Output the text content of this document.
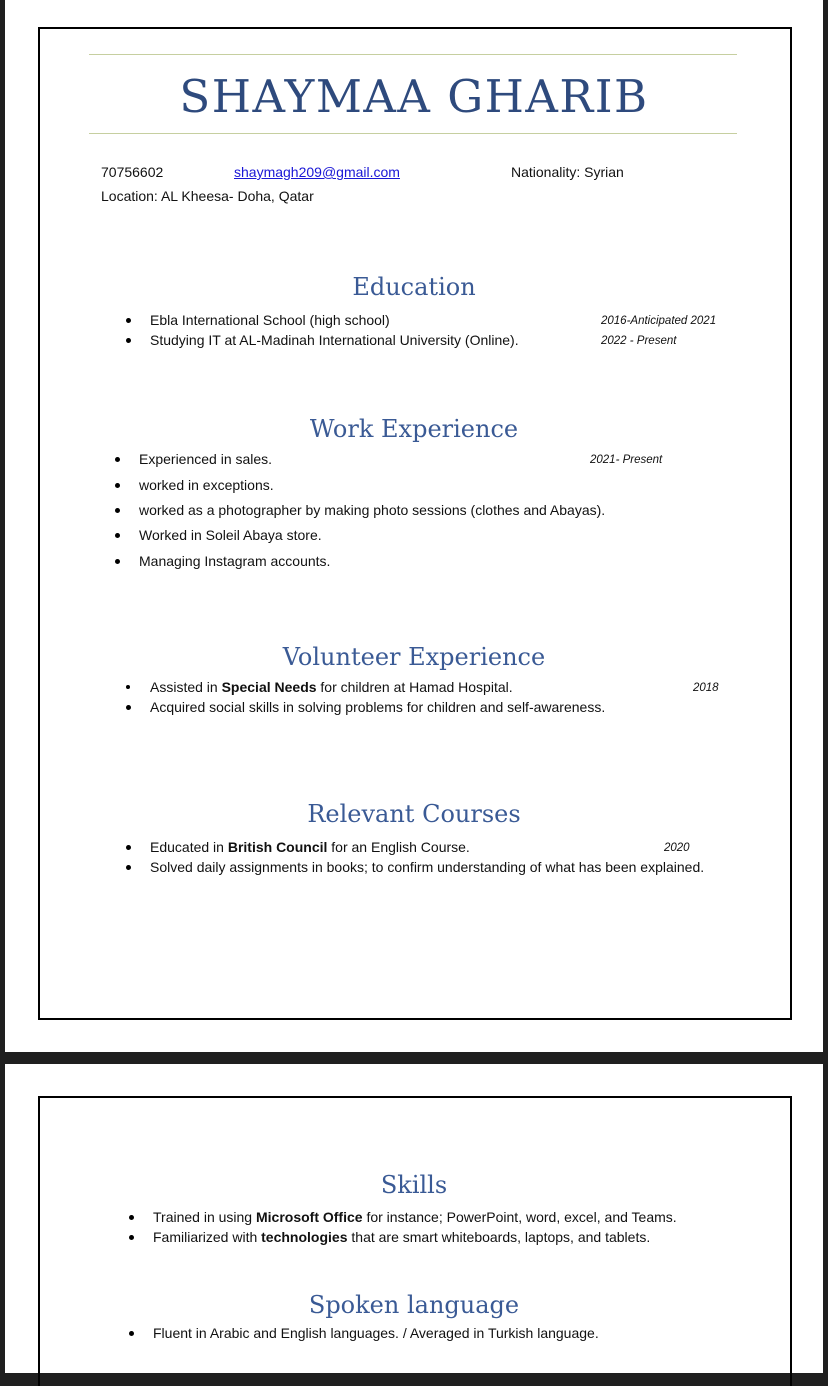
SHAYMAA GHARIB
70756602	shaymagh209@gmail.com	Nationality: Syrian
Location: AL Kheesa- Doha, Qatar
Education
Ebla International School (high school)	2016-Anticipated 2021
Studying IT at AL-Madinah International University (Online).	2022 - Present
Work Experience
Experienced in sales.	2021- Present
worked in exceptions.
worked as a photographer by making photo sessions (clothes and Abayas).
Worked in Soleil Abaya store.
Managing Instagram accounts.
Volunteer Experience
Assisted in Special Needs for children at Hamad Hospital.	2018
Acquired social skills in solving problems for children and self-awareness.
Relevant Courses
Educated in British Council for an English Course.	2020
Solved daily assignments in books; to confirm understanding of what has been explained.
Skills
Trained in using Microsoft Office for instance; PowerPoint, word, excel, and Teams.
Familiarized with technologies that are smart whiteboards, laptops, and tablets.
Spoken language
Fluent in Arabic and English languages. / Averaged in Turkish language.
